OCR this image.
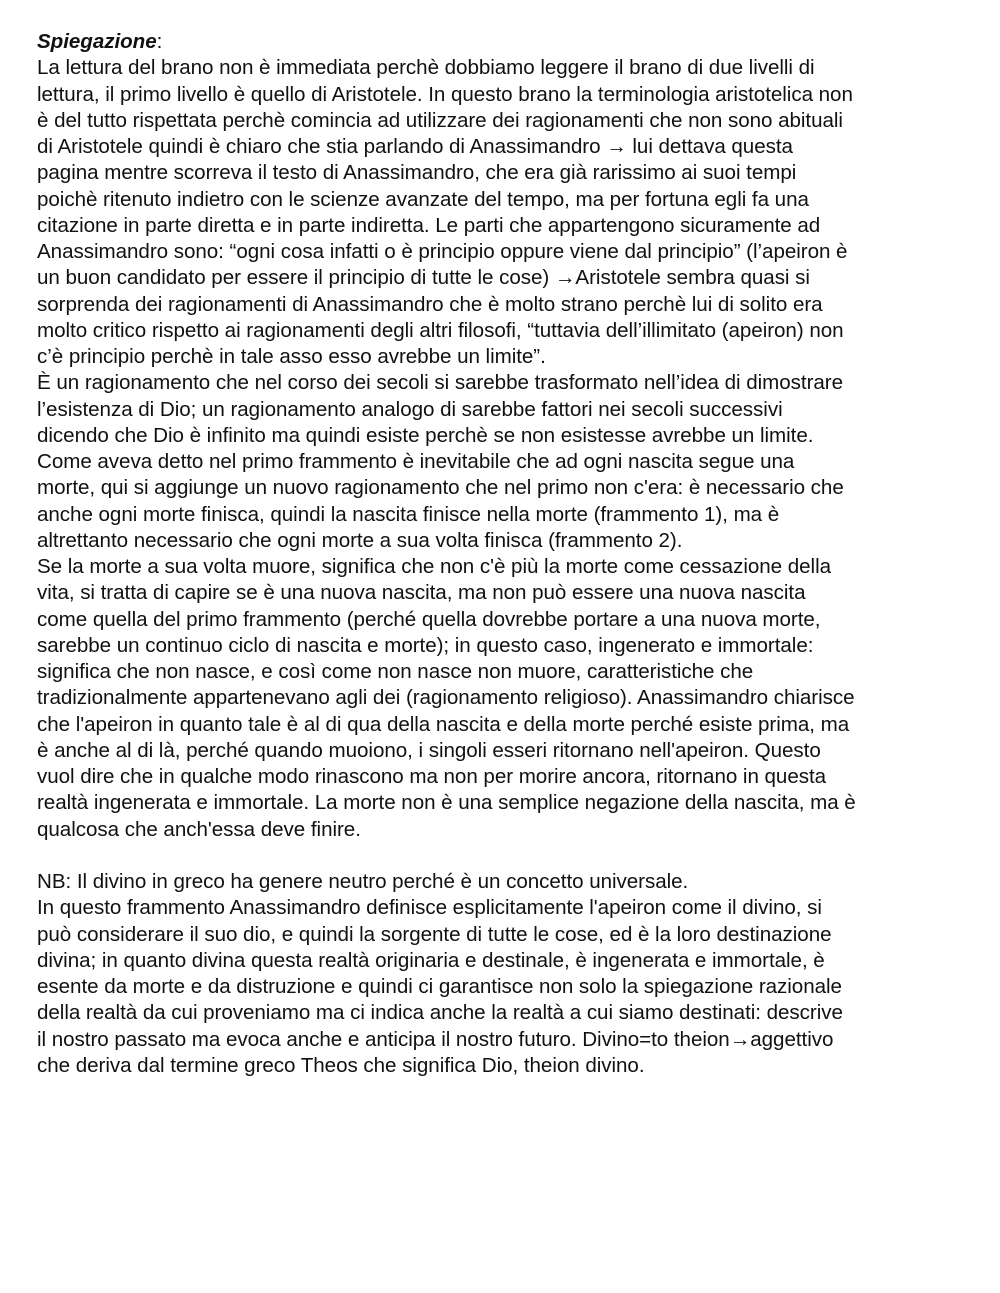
Spiegazione:

La lettura del brano non è immediata perchè dobbiamo leggere il brano di due livelli di

lettura, il primo livello è quello di Aristotele. In questo brano la terminologia aristotelica non

è del tutto rispettata perchè comincia ad utilizzare dei ragionamenti che non sono abituali

di Aristotele quindi è chiaro che stia parlando di Anassimandro → lui dettava questa

pagina mentre scorreva il testo di Anassimandro, che era già rarissimo ai suoi tempi

poichè ritenuto indietro con le scienze avanzate del tempo, ma per fortuna egli fa una

citazione in parte diretta e in parte indiretta. Le parti che appartengono sicuramente ad

Anassimandro sono: “ogni cosa infatti o è principio oppure viene dal principio” (l’apeiron è

un buon candidato per essere il principio di tutte le cose) →Aristotele sembra quasi si

sorprenda dei ragionamenti di Anassimandro che è molto strano perchè lui di solito era

molto critico rispetto ai ragionamenti degli altri filosofi, “tuttavia dell’illimitato (apeiron) non

c’è principio perchè in tale asso esso avrebbe un limite”.

È un ragionamento che nel corso dei secoli si sarebbe trasformato nell’idea di dimostrare

l’esistenza di Dio; un ragionamento analogo di sarebbe fattori nei secoli successivi

dicendo che Dio è infinito ma quindi esiste perchè se non esistesse avrebbe un limite.

Come aveva detto nel primo frammento è inevitabile che ad ogni nascita segue una

morte, qui si aggiunge un nuovo ragionamento che nel primo non c'era: è necessario che

anche ogni morte finisca, quindi la nascita finisce nella morte (frammento 1), ma è

altrettanto necessario che ogni morte a sua volta finisca (frammento 2).

Se la morte a sua volta muore, significa che non c'è più la morte come cessazione della

vita, si tratta di capire se è una nuova nascita, ma non può essere una nuova nascita

come quella del primo frammento (perché quella dovrebbe portare a una nuova morte,

sarebbe un continuo ciclo di nascita e morte); in questo caso, ingenerato e immortale:

significa che non nasce, e così come non nasce non muore, caratteristiche che

tradizionalmente appartenevano agli dei (ragionamento religioso). Anassimandro chiarisce

che l'apeiron in quanto tale è al di qua della nascita e della morte perché esiste prima, ma

è anche al di là, perché quando muoiono, i singoli esseri ritornano nell'apeiron. Questo

vuol dire che in qualche modo rinascono ma non per morire ancora, ritornano in questa

realtà ingenerata e immortale. La morte non è una semplice negazione della nascita, ma è

qualcosa che anch'essa deve finire.

NB: Il divino in greco ha genere neutro perché è un concetto universale.

In questo frammento Anassimandro definisce esplicitamente l'apeiron come il divino, si

può considerare il suo dio, e quindi la sorgente di tutte le cose, ed è la loro destinazione

divina; in quanto divina questa realtà originaria e destinale, è ingenerata e immortale, è

esente da morte e da distruzione e quindi ci garantisce non solo la spiegazione razionale

della realtà da cui proveniamo ma ci indica anche la realtà a cui siamo destinati: descrive

il nostro passato ma evoca anche e anticipa il nostro futuro. Divino=to theion→aggettivo

che deriva dal termine greco Theos che significa Dio, theion divino.
